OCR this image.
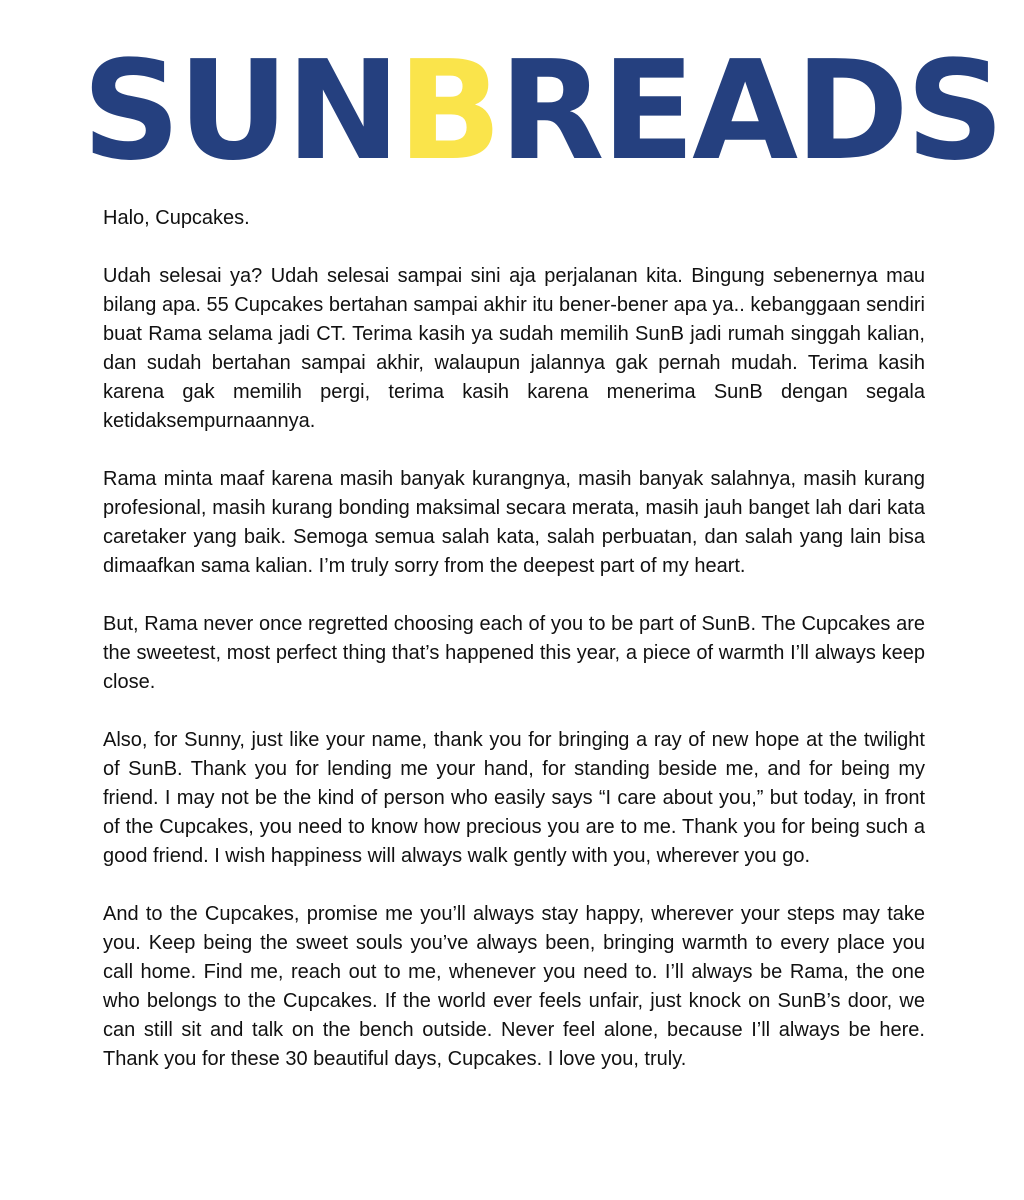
SUNBREADS

Halo, Cupcakes.

Udah selesai ya? Udah selesai sampai sini aja perjalanan kita. Bingung sebenernya mau bilang apa. 55 Cupcakes bertahan sampai akhir itu bener-bener apa ya.. kebanggaan sendiri buat Rama selama jadi CT. Terima kasih ya sudah memilih SunB jadi rumah singgah kalian, dan sudah bertahan sampai akhir, walaupun jalannya gak pernah mudah. Terima kasih karena gak memilih pergi, terima kasih karena menerima SunB dengan segala ketidaksempurnaannya.

Rama minta maaf karena masih banyak kurangnya, masih banyak salahnya, masih kurang profesional, masih kurang bonding maksimal secara merata, masih jauh banget lah dari kata caretaker yang baik. Semoga semua salah kata, salah perbuatan, dan salah yang lain bisa dimaafkan sama kalian. I’m truly sorry from the deepest part of my heart.

But, Rama never once regretted choosing each of you to be part of SunB. The Cupcakes are the sweetest, most perfect thing that’s happened this year, a piece of warmth I’ll always keep close.

Also, for Sunny, just like your name, thank you for bringing a ray of new hope at the twilight of SunB. Thank you for lending me your hand, for standing beside me, and for being my friend. I may not be the kind of person who easily says “I care about you,” but today, in front of the Cupcakes, you need to know how precious you are to me. Thank you for being such a good friend. I wish happiness will always walk gently with you, wherever you go.

And to the Cupcakes, promise me you’ll always stay happy, wherever your steps may take you. Keep being the sweet souls you’ve always been, bringing warmth to every place you call home. Find me, reach out to me, whenever you need to. I’ll always be Rama, the one who belongs to the Cupcakes. If the world ever feels unfair, just knock on SunB’s door, we can still sit and talk on the bench outside. Never feel alone, because I’ll always be here. Thank you for these 30 beautiful days, Cupcakes. I love you, truly.
